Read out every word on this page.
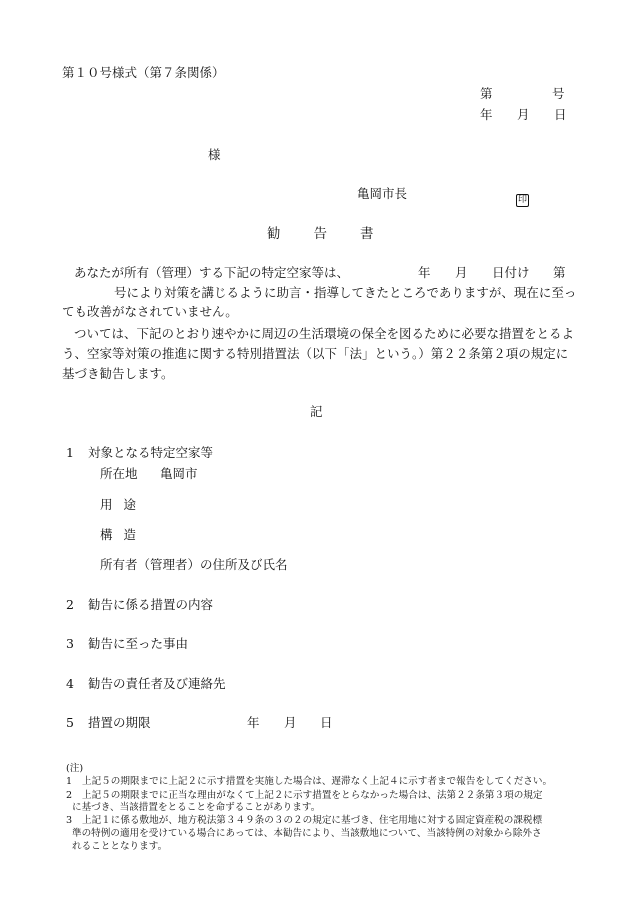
第１０号様式（第７条関係）
第	号
年 月 日
様
亀岡市長	印
勧 告 書
あなたが所有（管理）する下記の特定空家等は、	年 月 日付け 第
号により対策を講じるように助言・指導してきたところでありますが、現在に至っ
ても改善がなされていません。
ついては、下記のとおり速やかに周辺の生活環境の保全を図るために必要な措置をとるよ
う、空家等対策の推進に関する特別措置法（以下「法」という。）第２２条第２項の規定に
基づき勧告します。
記
1 対象となる特定空家等
所在地 亀岡市
用 途
構 造
所有者（管理者）の住所及び氏名
2 勧告に係る措置の内容
3 勧告に至った事由
4 勧告の責任者及び連絡先
5 措置の期限	年 月 日
(注)
1 上記５の期限までに上記２に示す措置を実施した場合は、遅滞なく上記４に示す者まで報告をしてください。
2 上記５の期限までに正当な理由がなくて上記２に示す措置をとらなかった場合は、法第２２条第３項の規定
に基づき、当該措置をとることを命ずることがあります。
3 上記１に係る敷地が、地方税法第３４９条の３の２の規定に基づき、住宅用地に対する固定資産税の課税標
準の特例の適用を受けている場合にあっては、本勧告により、当該敷地について、当該特例の対象から除外さ
れることとなります。
